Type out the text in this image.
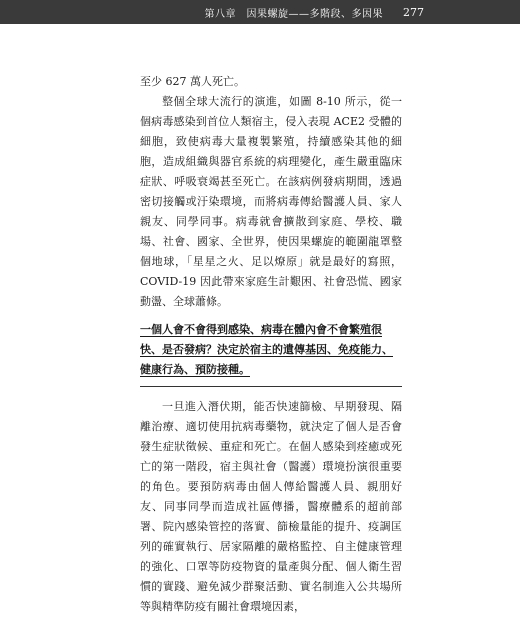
第八章　因果螺旋——多階段、多因果 277

至少 627 萬人死亡。

整個全球大流行的演進，如圖 8-10 所示，從一個病毒感染到首位人類宿主，侵入表現 ACE2 受體的細胞，致使病毒大量複製繁殖，持續感染其他的細胞，造成組織與器官系統的病理變化，產生嚴重臨床症狀、呼吸衰竭甚至死亡。在該病例發病期間，透過密切接觸或汙染環境，而將病毒傳給醫護人員、家人親友、同學同事。病毒就會擴散到家庭、學校、職場、社會、國家、全世界，使因果螺旋的範圍龍罩整個地球，「星星之火、足以燎原」就是最好的寫照，COVID-19 因此帶來家庭生計艱困、社會恐慌、國家動盪、全球蕭條。

一個人會不會得到感染、病毒在體內會不會繁殖很快、是否發病？決定於宿主的遺傳基因、免疫能力、健康行為、預防接種。

一旦進入潛伏期，能否快速篩檢、早期發現、隔離治療、適切使用抗病毒藥物，就決定了個人是否會發生症狀徵候、重症和死亡。在個人感染到痊癒或死亡的第一階段，宿主與社會（醫護）環境扮演很重要的角色。要預防病毒由個人傳給醫護人員、親朋好友、同事同學而造成社區傳播，醫療體系的超前部署、院內感染管控的落實、篩檢量能的提升、疫調匡列的確實執行、居家隔離的嚴格監控、自主健康管理的強化、口罩等防疫物資的量產與分配、個人衛生習慣的實踐、避免減少群聚活動、實名制進入公共場所等與精準防疫有關社會環境因素，
